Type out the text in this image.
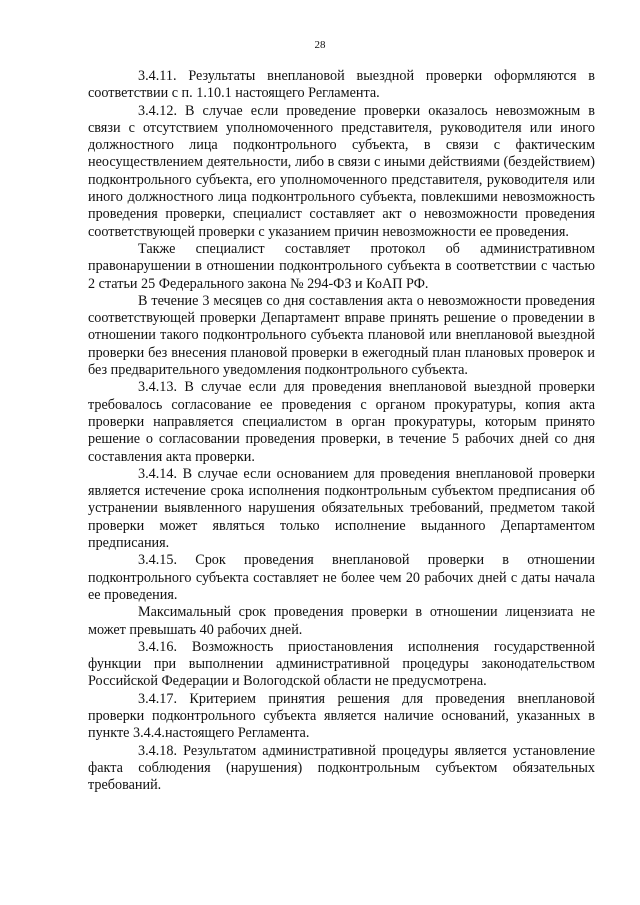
28

3.4.11. Результаты внеплановой выездной проверки оформляются в соответствии с п. 1.10.1 настоящего Регламента.

3.4.12. В случае если проведение проверки оказалось невозможным в связи с отсутствием уполномоченного представителя, руководителя или иного должностного лица подконтрольного субъекта, в связи с фактическим неосуществлением деятельности, либо в связи с иными действиями (бездействием) подконтрольного субъекта, его уполномоченного представителя, руководителя или иного должностного лица подконтрольного субъекта, повлекшими невозможность проведения проверки, специалист составляет акт о невозможности проведения соответствующей проверки с указанием причин невозможности ее проведения.

Также специалист составляет протокол об административном правонарушении в отношении подконтрольного субъекта в соответствии с частью 2 статьи 25 Федерального закона № 294-ФЗ и КоАП РФ.

В течение 3 месяцев со дня составления акта о невозможности проведения соответствующей проверки Департамент вправе принять решение о проведении в отношении такого подконтрольного субъекта плановой или внеплановой выездной проверки без внесения плановой проверки в ежегодный план плановых проверок и без предварительного уведомления подконтрольного субъекта.

3.4.13. В случае если для проведения внеплановой выездной проверки требовалось согласование ее проведения с органом прокуратуры, копия акта проверки направляется специалистом в орган прокуратуры, которым принято решение о согласовании проведения проверки, в течение 5 рабочих дней со дня составления акта проверки.

3.4.14. В случае если основанием для проведения внеплановой проверки является истечение срока исполнения подконтрольным субъектом предписания об устранении выявленного нарушения обязательных требований, предметом такой проверки может являться только исполнение выданного Департаментом предписания.

3.4.15. Срок проведения внеплановой проверки в отношении подконтрольного субъекта составляет не более чем 20 рабочих дней с даты начала ее проведения.

Максимальный срок проведения проверки в отношении лицензиата не может превышать 40 рабочих дней.

3.4.16. Возможность приостановления исполнения государственной функции при выполнении административной процедуры законодательством Российской Федерации и Вологодской области не предусмотрена.

3.4.17. Критерием принятия решения для проведения внеплановой проверки подконтрольного субъекта является наличие оснований, указанных в пункте 3.4.4.настоящего Регламента.

3.4.18. Результатом административной процедуры является установление факта соблюдения (нарушения) подконтрольным субъектом обязательных требований.
